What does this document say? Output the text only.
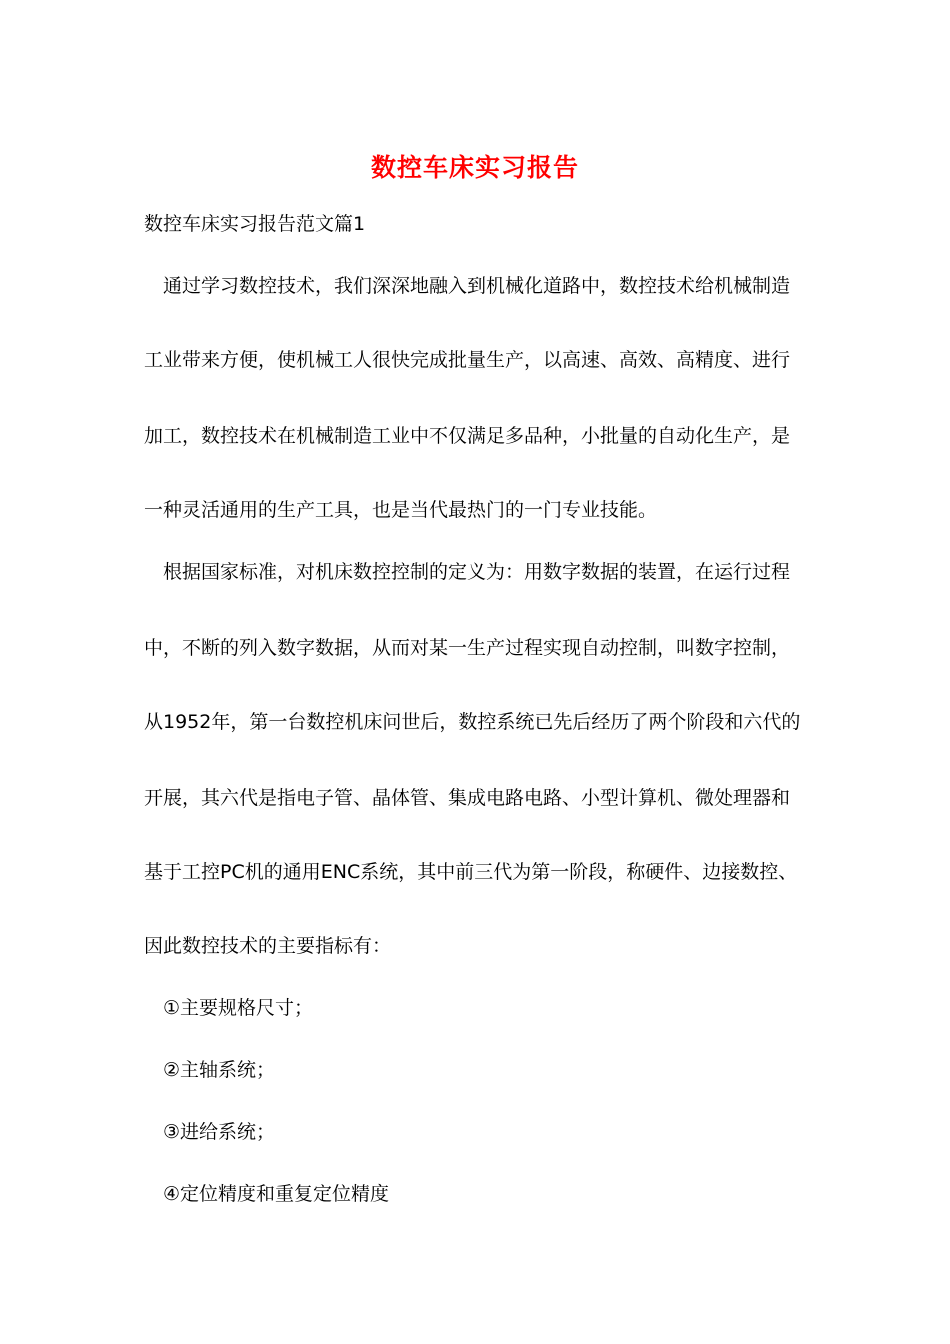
数控车床实习报告
数控车床实习报告范文篇1
通过学习数控技术，我们深深地融入到机械化道路中，数控技术给机械制造
工业带来方便，使机械工人很快完成批量生产，以高速、高效、高精度、进行
加工，数控技术在机械制造工业中不仅满足多品种，小批量的自动化生产，是
一种灵活通用的生产工具，也是当代最热门的一门专业技能。
根据国家标准，对机床数控控制的定义为：用数字数据的装置，在运行过程
中，不断的列入数字数据，从而对某一生产过程实现自动控制，叫数字控制，
从1952年，第一台数控机床问世后，数控系统已先后经历了两个阶段和六代的
开展，其六代是指电子管、晶体管、集成电路电路、小型计算机、微处理器和
基于工控PC机的通用ENC系统，其中前三代为第一阶段，称硬件、边接数控、
因此数控技术的主要指标有：
①主要规格尺寸；
②主轴系统；
③进给系统；
④定位精度和重复定位精度
